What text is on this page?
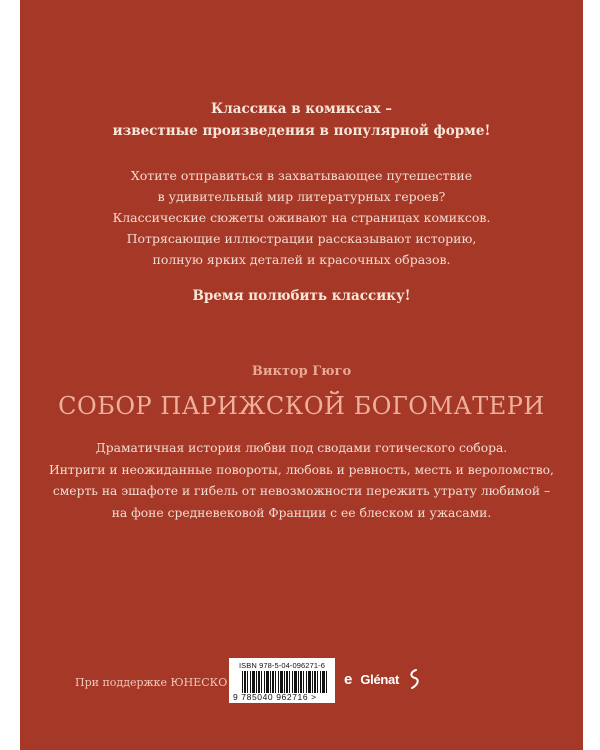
Классика в комиксах –
известные произведения в популярной форме!
Хотите отправиться в захватывающее путешествие
в удивительный мир литературных героев?
Классические сюжеты оживают на страницах комиксов.
Потрясающие иллюстрации рассказывают историю,
полную ярких деталей и красочных образов.
Время полюбить классику!
Виктор Гюго
СОБОР ПАРИЖСКОЙ БОГОМАТЕРИ
Драматичная история любви под сводами готического собора.
Интриги и неожиданные повороты, любовь и ревность, месть и вероломство,
смерть на эшафоте и гибель от невозможности пережить утрату любимой –
на фоне средневековой Франции с ее блеском и ужасами.
При поддержке ЮНЕСКО
ISBN 978-5-04-096271-6
9 785040 962716 >
e Glénat
